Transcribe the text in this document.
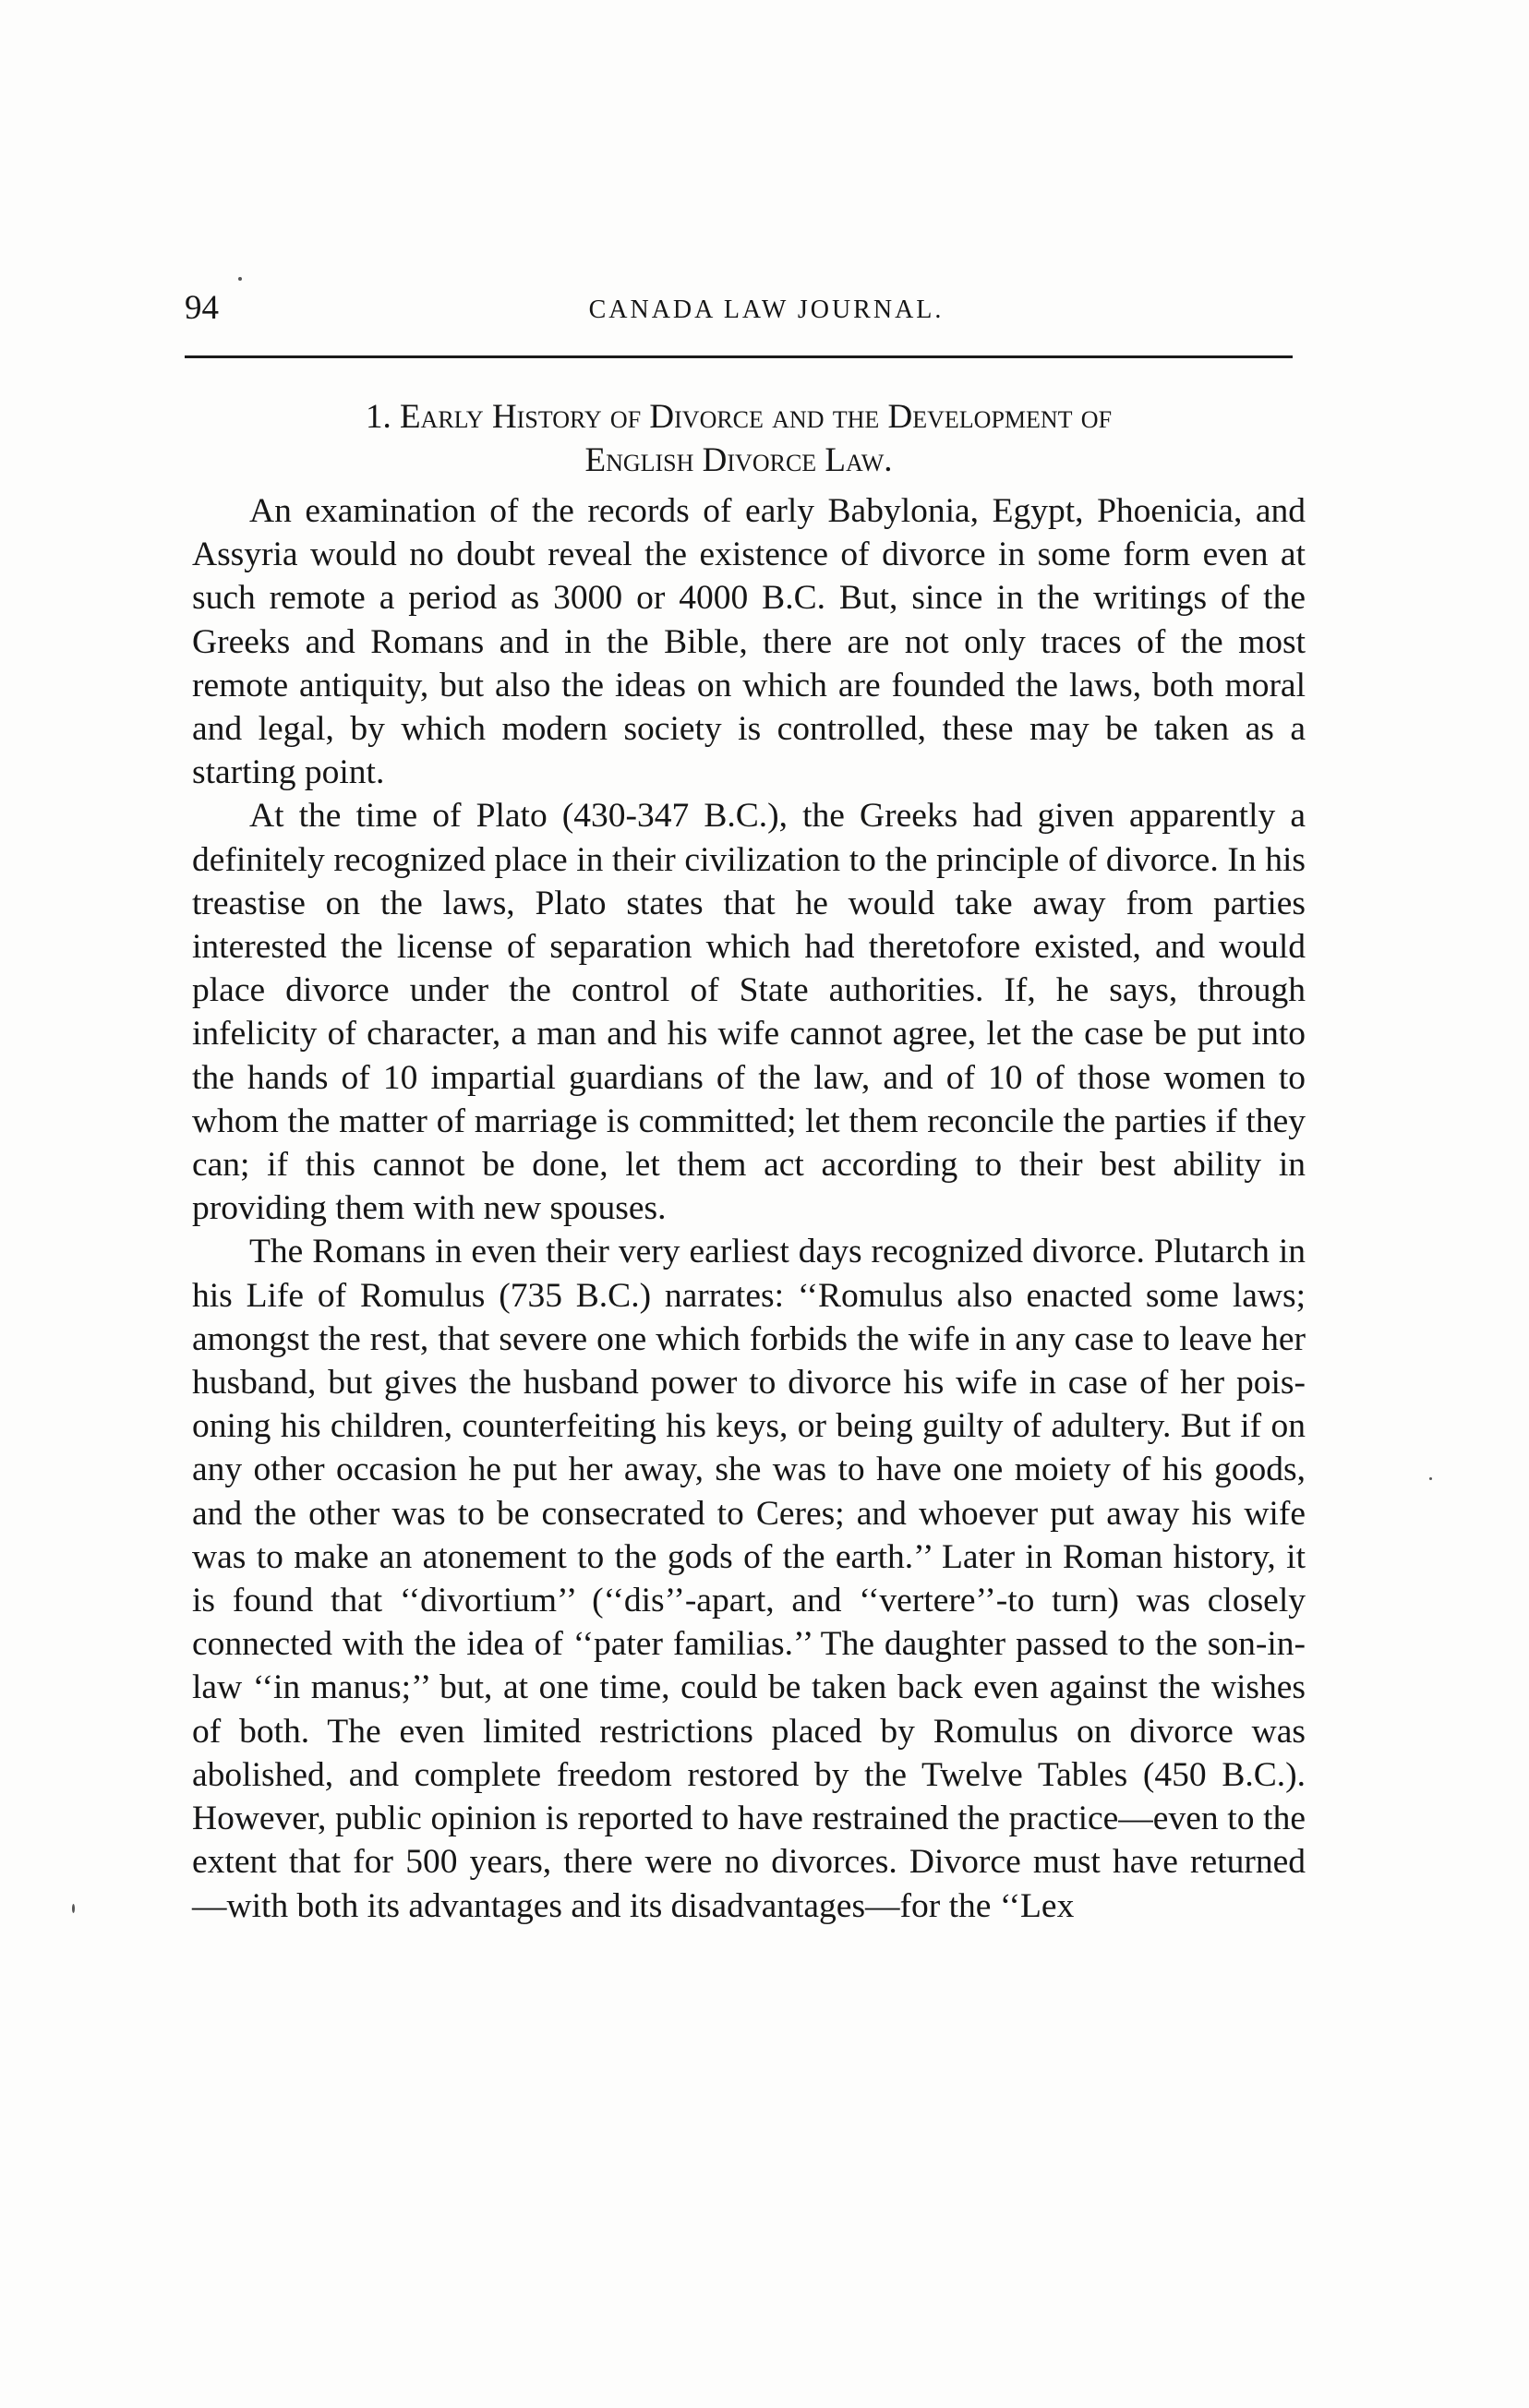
94	CANADA LAW JOURNAL.
1. Early History of Divorce and the Development of
English Divorce Law.

An examination of the records of early Babylonia, Egypt, Phoenicia, and Assyria would no doubt reveal the existence of divorce in some form even at such remote a period as 3000 or 4000 B.C. But, since in the writings of the Greeks and Romans and in the Bible, there are not only traces of the most remote antiquity, but also the ideas on which are founded the laws, both moral and legal, by which modern society is controlled, these may be taken as a starting point.

At the time of Plato (430-347 B.C.), the Greeks had given apparently a definitely recognized place in their civilization to the principle of divorce. In his treastise on the laws, Plato states that he would take away from parties interested the license of separation which had theretofore existed, and would place divorce under the control of State authorities. If, he says, through infelicity of character, a man and his wife cannot agree, let the case be put into the hands of 10 impartial guardians of the law, and of 10 of those women to whom the matter of marriage is committed; let them reconcile the parties if they can; if this cannot be done, let them act according to their best ability in providing them with new spouses.

The Romans in even their very earliest days recognized divorce. Plutarch in his Life of Romulus (735 B.C.) narrates: ‘‘Romulus also enacted some laws; amongst the rest, that severe one which forbids the wife in any case to leave her husband, but gives the husband power to divorce his wife in case of her poisoning his children, counterfeiting his keys, or being guilty of adultery. But if on any other occasion he put her away, she was to have one moiety of his goods, and the other was to be consecrated to Ceres; and whoever put away his wife was to make an atonement to the gods of the earth.’’ Later in Roman history, it is found that ‘‘divortium’’ (‘‘dis’’-apart, and ‘‘vertere’’-to turn) was closely connected with the idea of ‘‘pater familias.’’ The daughter passed to the son-in-law ‘‘in manus;’’ but, at one time, could be taken back even against the wishes of both. The even limited restrictions placed by Romulus on divorce was abolished, and complete freedom restored by the Twelve Tables (450 B.C.). However, public opinion is reported to have restrained the practice—even to the extent that for 500 years, there were no divorces. Divorce must have returned —with both its advantages and its disadvantages—for the ‘‘Lex
